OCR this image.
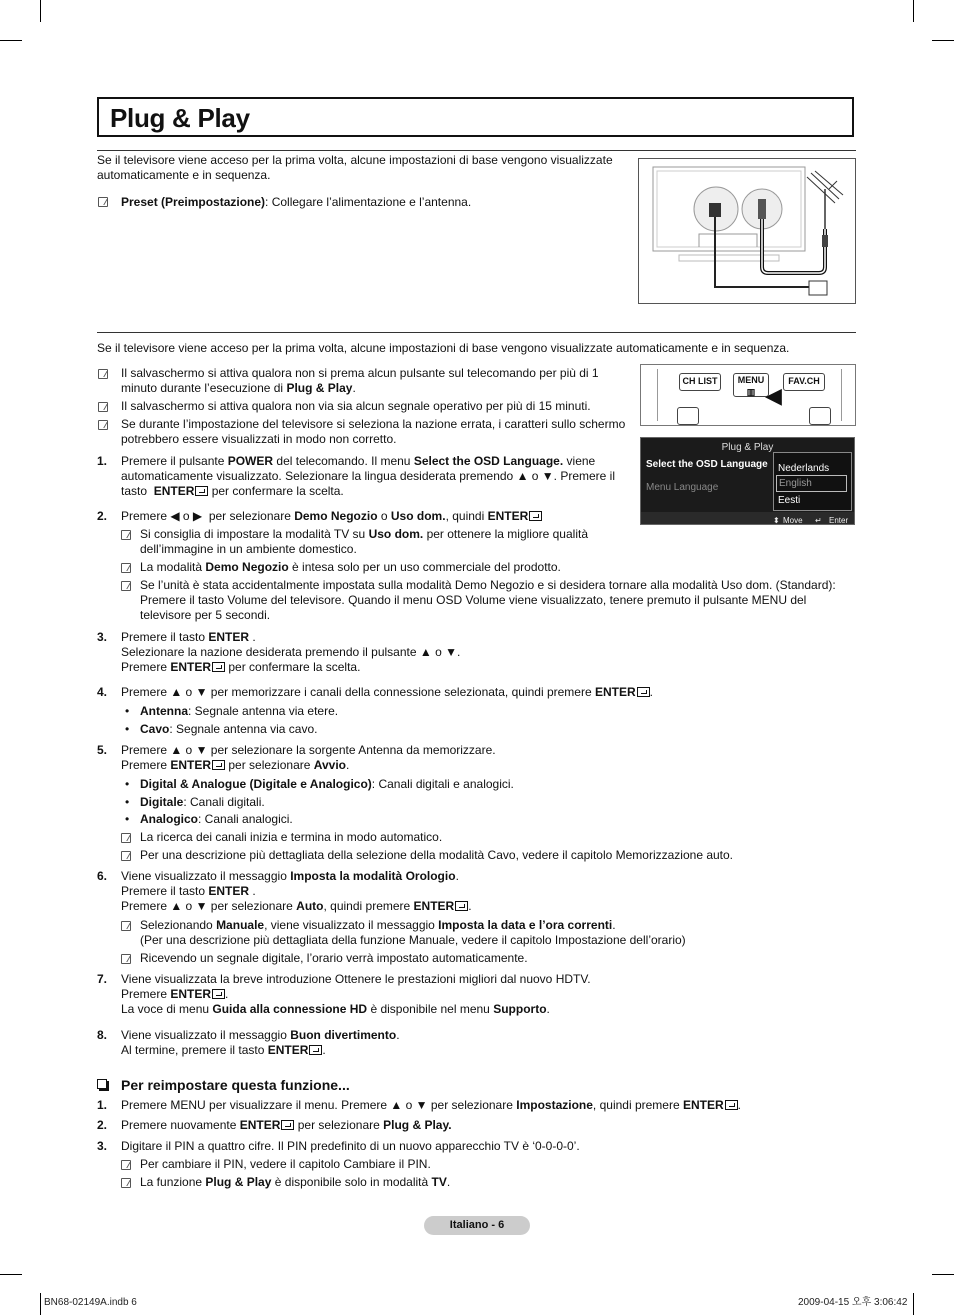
Plug & Play
Se il televisore viene acceso per la prima volta, alcune impostazioni di base vengono visualizzate automaticamente e in sequenza.
Preset (Preimpostazione): Collegare l’alimentazione e l’antenna.
Se il televisore viene acceso per la prima volta, alcune impostazioni di base vengono visualizzate automaticamente e in sequenza.
CH LIST	MENU
▥
FAV.CH
◀
Plug & Play
Select the OSD Language
Menu Language
Nederlands
English
Eesti
⬍ Move ↵ Enter
Il salvaschermo si attiva qualora non si prema alcun pulsante sul telecomando per più di 1 minuto durante l’esecuzione di Plug & Play.
Il salvaschermo si attiva qualora non via sia alcun segnale operativo per più di 15 minuti.
Se durante l’impostazione del televisore si seleziona la nazione errata, i caratteri sullo schermo potrebbero essere visualizzati in modo non corretto.
1. Premere il pulsante POWER del telecomando. Il menu Select the OSD Language. viene automaticamente visualizzato. Selezionare la lingua desiderata premendo ▲ o ▼. Premere il tasto  ENTER per confermare la scelta.
2. Premere ◀ o ▶  per selezionare Demo Negozio o Uso dom., quindi ENTER
Si consiglia di impostare la modalità TV su Uso dom. per ottenere la migliore qualità dell’immagine in un ambiente domestico.
La modalità Demo Negozio è intesa solo per un uso commerciale del prodotto.
Se l’unità è stata accidentalmente impostata sulla modalità Demo Negozio e si desidera tornare alla modalità Uso dom. (Standard): Premere il tasto Volume del televisore. Quando il menu OSD Volume viene visualizzato, tenere premuto il pulsante MENU del televisore per 5 secondi.
3. Premere il tasto ENTER .
Selezionare la nazione desiderata premendo il pulsante ▲ o ▼.
Premere ENTER per confermare la scelta.
4. Premere ▲ o ▼ per memorizzare i canali della connessione selezionata, quindi premere ENTER .
• Antenna: Segnale antenna via etere.
• Cavo: Segnale antenna via cavo.
5. Premere ▲ o ▼ per selezionare la sorgente Antenna da memorizzare.
Premere ENTER per selezionare Avvio.
• Digital & Analogue (Digitale e Analogico): Canali digitali e analogici.
• Digitale: Canali digitali.
• Analogico: Canali analogici.
La ricerca dei canali inizia e termina in modo automatico.
Per una descrizione più dettagliata della selezione della modalità Cavo, vedere il capitolo Memorizzazione auto.
6. Viene visualizzato il messaggio Imposta la modalità Orologio.
Premere il tasto ENTER .
Premere ▲ o ▼ per selezionare Auto, quindi premere ENTER .
Selezionando Manuale, viene visualizzato il messaggio Imposta la data e l’ora correnti.
(Per una descrizione più dettagliata della funzione Manuale, vedere il capitolo Impostazione dell’orario)
Ricevendo un segnale digitale, l’orario verrà impostato automaticamente.
7. Viene visualizzata la breve introduzione Ottenere le prestazioni migliori dal nuovo HDTV.
Premere ENTER .
La voce di menu Guida alla connessione HD è disponibile nel menu Supporto.
8. Viene visualizzato il messaggio Buon divertimento.
Al termine, premere il tasto ENTER .
Per reimpostare questa funzione...
1. Premere MENU per visualizzare il menu. Premere ▲ o ▼ per selezionare Impostazione, quindi premere ENTER .
2. Premere nuovamente ENTER per selezionare Plug & Play.
3. Digitare il PIN a quattro cifre. Il PIN predefinito di un nuovo apparecchio TV è ‘0-0-0-0’.
Per cambiare il PIN, vedere il capitolo Cambiare il PIN.
La funzione Plug & Play è disponibile solo in modalità TV.
Italiano - 6
BN68-02149A.indb 6	2009-04-15 오후 3:06:42
